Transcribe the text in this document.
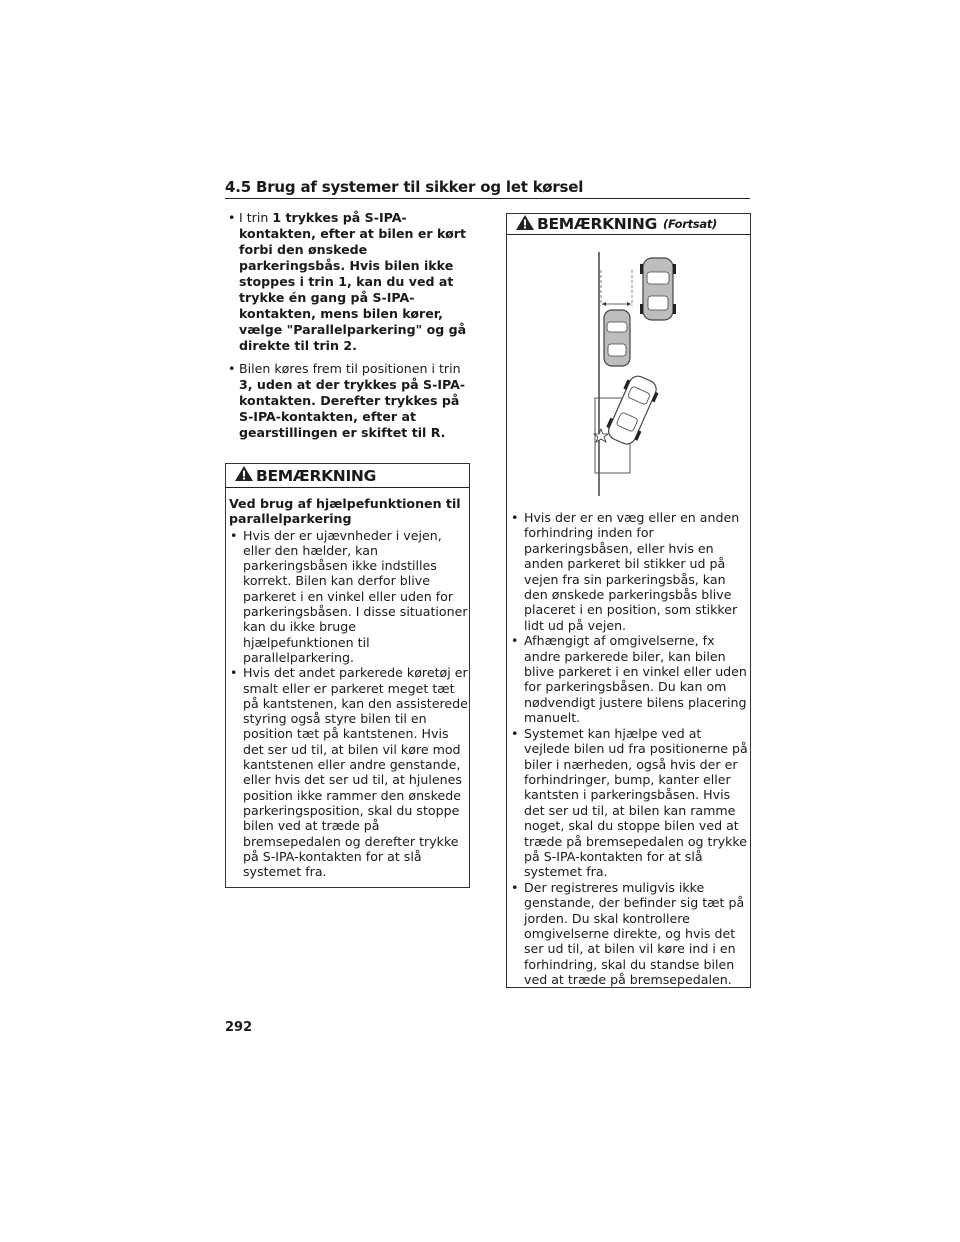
4.5 Brug af systemer til sikker og let kørsel
• I trin 1 trykkes på S-IPA-kontakten, efter at bilen er kørt forbi den ønskede parkeringsbås. Hvis bilen ikke stoppes i trin 1, kan du ved at trykke én gang på S-IPA-kontakten, mens bilen kører, vælge "Parallelparkering" og gå direkte til trin 2.
• Bilen køres frem til positionen i trin 3, uden at der trykkes på S-IPA-kontakten. Derefter trykkes på S-IPA-kontakten, efter at gearstillingen er skiftet til R.
BEMÆRKNING
Ved brug af hjælpefunktionen til parallelparkering
• Hvis der er ujævnheder i vejen, eller den hælder, kan parkeringsbåsen ikke indstilles korrekt. Bilen kan derfor blive parkeret i en vinkel eller uden for parkeringsbåsen. I disse situationer kan du ikke bruge hjælpefunktionen til parallelparkering.
• Hvis det andet parkerede køretøj er smalt eller er parkeret meget tæt på kantstenen, kan den assisterede styring også styre bilen til en position tæt på kantstenen. Hvis det ser ud til, at bilen vil køre mod kantstenen eller andre genstande, eller hvis det ser ud til, at hjulenes position ikke rammer den ønskede parkeringsposition, skal du stoppe bilen ved at træde på bremsepedalen og derefter trykke på S-IPA-kontakten for at slå systemet fra.
BEMÆRKNING (Fortsat)
• Hvis der er en væg eller en anden forhindring inden for parkeringsbåsen, eller hvis en anden parkeret bil stikker ud på vejen fra sin parkeringsbås, kan den ønskede parkeringsbås blive placeret i en position, som stikker lidt ud på vejen.
• Afhængigt af omgivelserne, fx andre parkerede biler, kan bilen blive parkeret i en vinkel eller uden for parkeringsbåsen. Du kan om nødvendigt justere bilens placering manuelt.
• Systemet kan hjælpe ved at vejlede bilen ud fra positionerne på biler i nærheden, også hvis der er forhindringer, bump, kanter eller kantsten i parkeringsbåsen. Hvis det ser ud til, at bilen kan ramme noget, skal du stoppe bilen ved at træde på bremsepedalen og trykke på S-IPA-kontakten for at slå systemet fra.
• Der registreres muligvis ikke genstande, der befinder sig tæt på jorden. Du skal kontrollere omgivelserne direkte, og hvis det ser ud til, at bilen vil køre ind i en forhindring, skal du standse bilen ved at træde på bremsepedalen.
292
